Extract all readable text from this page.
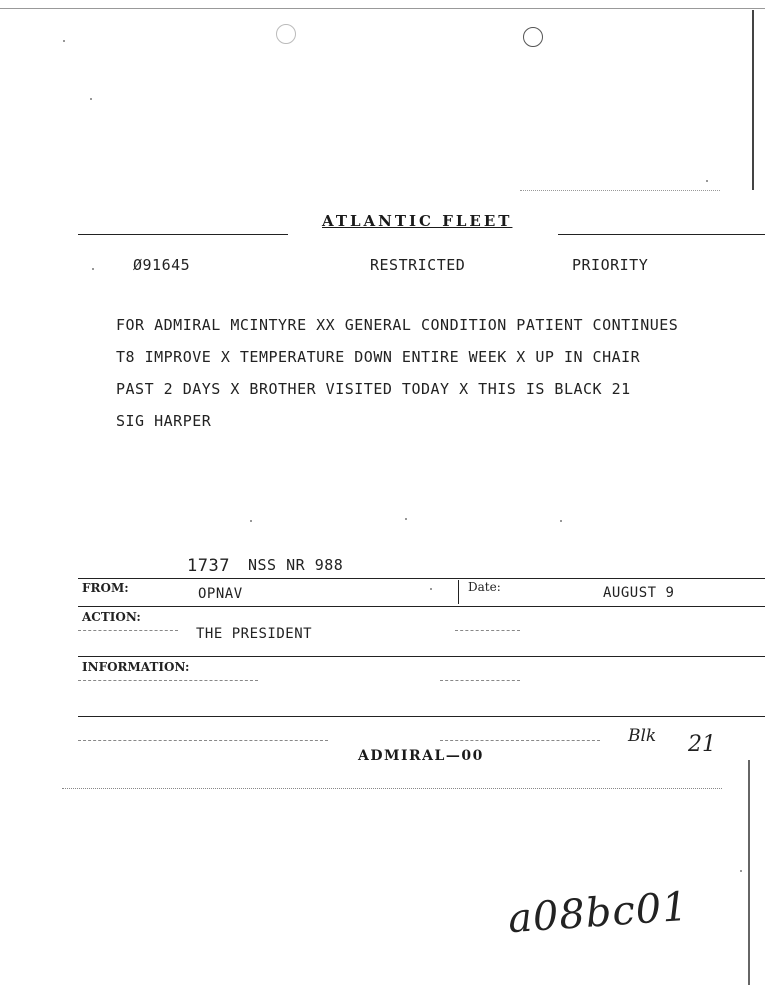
ATLANTIC FLEET
Ø91645	RESTRICTED	PRIORITY
FOR ADMIRAL MCINTYRE XX GENERAL CONDITION PATIENT CONTINUES
T8 IMPROVE X TEMPERATURE DOWN ENTIRE WEEK X UP IN CHAIR
PAST 2 DAYS X BROTHER VISITED TODAY X THIS IS BLACK 21
SIG HARPER
1737 NSS NR 988
FROM:	OPNAV	Date:	AUGUST 9
ACTION:
THE PRESIDENT
INFORMATION:
ADMIRAL—00
Blk 21
a08bc01
